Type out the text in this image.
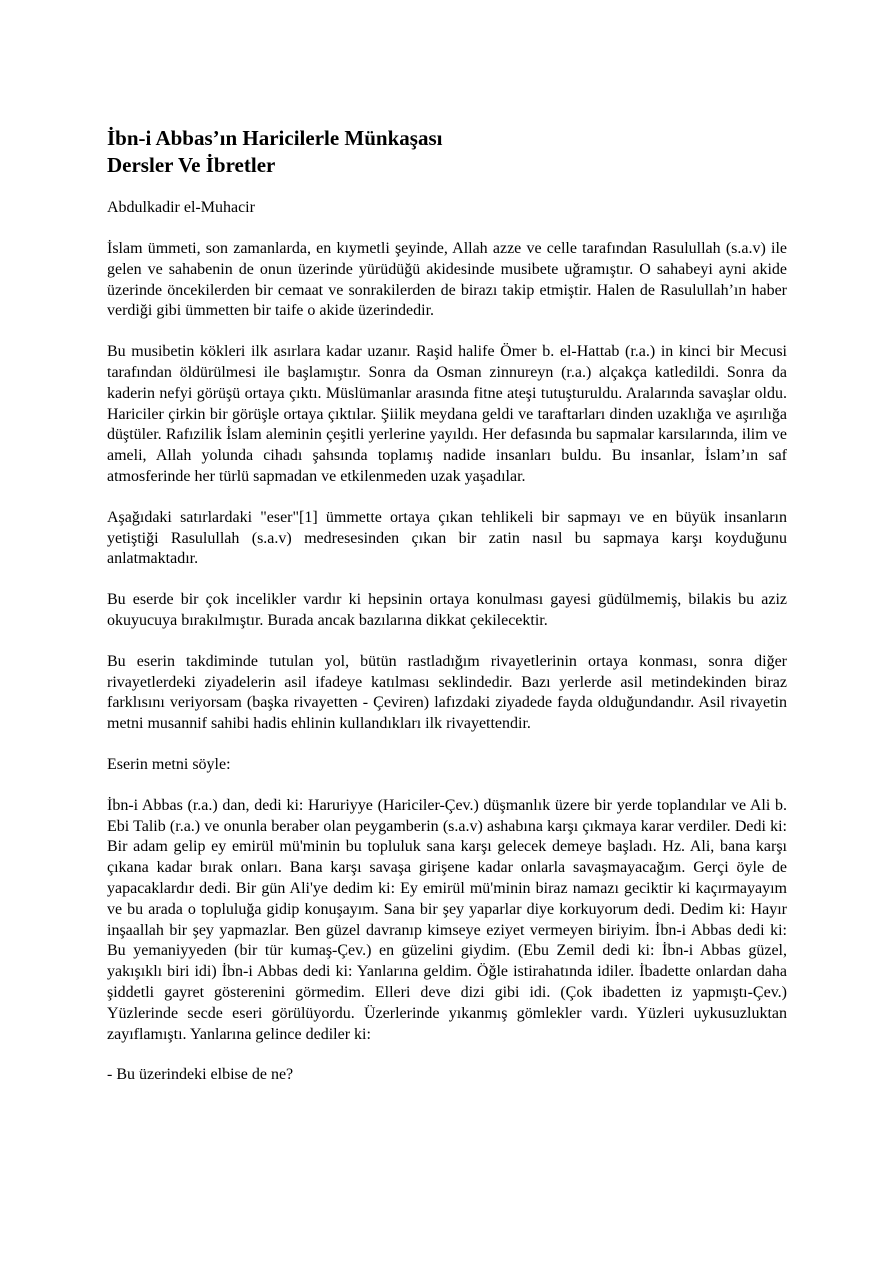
İbn-i Abbas’ın Haricilerle Münkaşası
Dersler Ve İbretler

Abdulkadir el-Muhacir

İslam ümmeti, son zamanlarda, en kıymetli şeyinde, Allah azze ve celle tarafından Rasulullah (s.a.v) ile gelen ve sahabenin de onun üzerinde yürüdüğü akidesinde musibete uğramıştır. O sahabeyi ayni akide üzerinde öncekilerden bir cemaat ve sonrakilerden de birazı takip etmiştir. Halen de Rasulullah’ın haber verdiği gibi ümmetten bir taife o akide üzerindedir.

Bu musibetin kökleri ilk asırlara kadar uzanır. Raşid halife Ömer b. el-Hattab (r.a.) in kinci bir Mecusi tarafından öldürülmesi ile başlamıştır. Sonra da Osman zinnureyn (r.a.) alçakça katledildi. Sonra da kaderin nefyi görüşü ortaya çıktı. Müslümanlar arasında fitne ateşi tutuşturuldu. Aralarında savaşlar oldu. Hariciler çirkin bir görüşle ortaya çıktılar. Şiilik meydana geldi ve taraftarları dinden uzaklığa ve aşırılığa düştüler. Rafızilik İslam aleminin çeşitli yerlerine yayıldı. Her defasında bu sapmalar karsılarında, ilim ve ameli, Allah yolunda cihadı şahsında toplamış nadide insanları buldu. Bu insanlar, İslam’ın saf atmosferinde her türlü sapmadan ve etkilenmeden uzak yaşadılar.

Aşağıdaki satırlardaki "eser"[1] ümmette ortaya çıkan tehlikeli bir sapmayı ve en büyük insanların yetiştiği Rasulullah (s.a.v) medresesinden çıkan bir zatin nasıl bu sapmaya karşı koyduğunu anlatmaktadır.

Bu eserde bir çok incelikler vardır ki hepsinin ortaya konulması gayesi güdülmemiş, bilakis bu aziz okuyucuya bırakılmıştır. Burada ancak bazılarına dikkat çekilecektir.

Bu eserin takdiminde tutulan yol, bütün rastladığım rivayetlerinin ortaya konması, sonra diğer rivayetlerdeki ziyadelerin asil ifadeye katılması seklindedir. Bazı yerlerde asil metindekinden biraz farklısını veriyorsam (başka rivayetten - Çeviren) lafızdaki ziyadede fayda olduğundandır. Asil rivayetin metni musannif sahibi hadis ehlinin kullandıkları ilk rivayettendir.

Eserin metni söyle:

İbn-i Abbas (r.a.) dan, dedi ki: Haruriyye (Hariciler-Çev.) düşmanlık üzere bir yerde toplandılar ve Ali b. Ebi Talib (r.a.) ve onunla beraber olan peygamberin (s.a.v) ashabına karşı çıkmaya karar verdiler. Dedi ki: Bir adam gelip ey emirül mü'minin bu topluluk sana karşı gelecek demeye başladı. Hz. Ali, bana karşı çıkana kadar bırak onları. Bana karşı savaşa girişene kadar onlarla savaşmayacağım. Gerçi öyle de yapacaklardır dedi. Bir gün Ali'ye dedim ki: Ey emirül mü'minin biraz namazı geciktir ki kaçırmayayım ve bu arada o topluluğa gidip konuşayım. Sana bir şey yaparlar diye korkuyorum dedi. Dedim ki: Hayır inşaallah bir şey yapmazlar. Ben güzel davranıp kimseye eziyet vermeyen biriyim. İbn-i Abbas dedi ki: Bu yemaniyyeden (bir tür kumaş-Çev.) en güzelini giydim. (Ebu Zemil dedi ki: İbn-i Abbas güzel, yakışıklı biri idi) İbn-i Abbas dedi ki: Yanlarına geldim. Öğle istirahatında idiler. İbadette onlardan daha şiddetli gayret gösterenini görmedim. Elleri deve dizi gibi idi. (Çok ibadetten iz yapmıştı-Çev.) Yüzlerinde secde eseri görülüyordu. Üzerlerinde yıkanmış gömlekler vardı. Yüzleri uykusuzluktan zayıflamıştı. Yanlarına gelince dediler ki:

- Bu üzerindeki elbise de ne?
